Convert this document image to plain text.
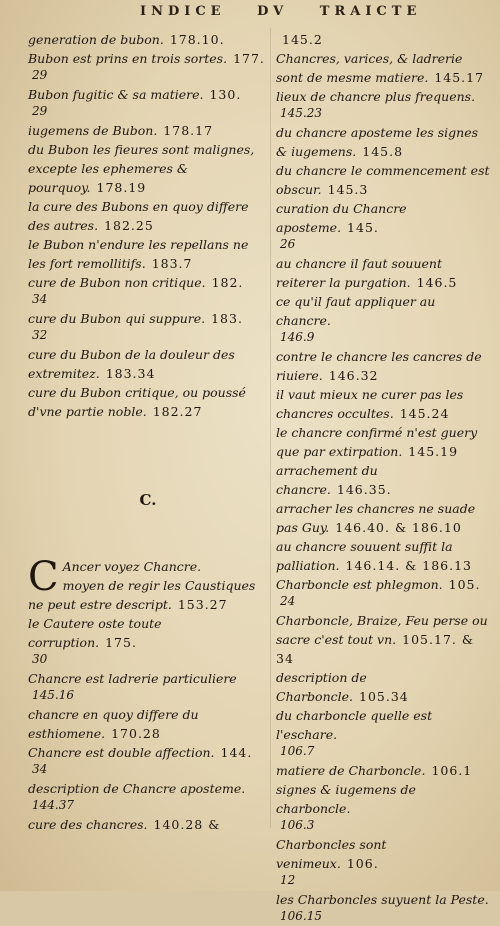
INDICE DV TRAICTE

generation de bubon. 178.10.

Bubon est prins en trois sortes. 177.

29

Bubon fugitic & sa matiere. 130.

29

iugemens de Bubon. 178.17

du Bubon les fieures sont malignes, excepte les ephemeres & pourquoy. 178.19

la cure des Bubons en quoy differe des autres. 182.25

le Bubon n'endure les repellans ne les fort remollitifs. 183.7

cure de Bubon non critique. 182.

34

cure du Bubon qui suppure. 183.

32

cure du Bubon de la douleur des extremitez. 183.34

cure du Bubon critique, ou poussé d'vne partie noble. 182.27

C.

C Ancer voyez Chancre.

moyen de regir les Caustiques ne peut estre descript. 153.27

le Cautere oste toute corruption. 175.

30

Chancre est ladrerie particuliere

145.16

chancre en quoy differe du esthiomene. 170.28

Chancre est double affection. 144.

34

description de Chancre aposteme.

144.37

cure des chancres. 140.28 &

145.2

Chancres, varices, & ladrerie sont de mesme matiere. 145.17

lieux de chancre plus frequens.

145.23

du chancre aposteme les signes & iugemens. 145.8

du chancre le commencement est obscur. 145.3

curation du Chancre aposteme. 145.

26

au chancre il faut souuent reiterer la purgation. 146.5

ce qu'il faut appliquer au chancre.

146.9

contre le chancre les cancres de riuiere. 146.32

il vaut mieux ne curer pas les chancres occultes. 145.24

le chancre confirmé n'est guery que par extirpation. 145.19

arrachement du chancre. 146.35.

arracher les chancres ne suade pas Guy. 146.40. & 186.10

au chancre souuent suffit la palliation. 146.14. & 186.13

Charboncle est phlegmon. 105.

24

Charboncle, Braize, Feu perse ou sacre c'est tout vn. 105.17. & 34

description de Charboncle. 105.34

du charboncle quelle est l'eschare.

106.7

matiere de Charboncle. 106.1

signes & iugemens de charboncle.

106.3

Charboncles sont venimeux. 106.

12

les Charboncles suyuent la Peste.

106.15
